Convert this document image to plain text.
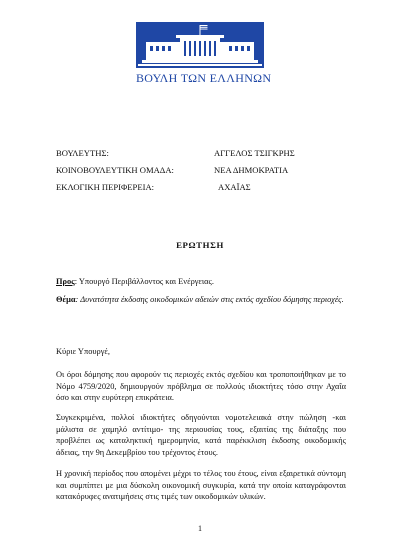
ΒΟΥΛΗ ΤΩΝ ΕΛΛΗΝΩΝ
ΒΟΥΛΕΥΤΗΣ:	ΑΓΓΕΛΟΣ ΤΣΙΓΚΡΗΣ
ΚΟΙΝΟΒΟΥΛΕΥΤΙΚΗ ΟΜΑΔΑ:	ΝΕΑ ΔΗΜΟΚΡΑΤΙΑ
ΕΚΛΟΓΙΚΗ ΠΕΡΙΦΕΡΕΙΑ:	ΑΧΑΪΑΣ
ΕΡΩΤΗΣΗ
Προς: Υπουργό Περιβάλλοντος και Ενέργειας.
Θέμα: Δυνατότητα έκδοσης οικοδομικών αδειών στις εκτός σχεδίου δόμησης περιοχές.
Κύριε Υπουργέ,
Οι όροι δόμησης που αφορούν τις περιοχές εκτός σχεδίου και τροποποιήθηκαν με το Νόμο 4759/2020, δημιουργούν πρόβλημα σε πολλούς ιδιοκτήτες τόσο στην Αχαΐα όσο και στην ευρύτερη επικράτεια.
Συγκεκριμένα, πολλοί ιδιοκτήτες οδηγούνται νομοτελειακά στην πώληση -και μάλιστα σε χαμηλό αντίτιμο- της περιουσίας τους, εξαιτίας της διάταξης που προβλέπει ως καταληκτική ημερομηνία, κατά παρέκκλιση έκδοσης οικοδομικής άδειας, την 9η Δεκεμβρίου του τρέχοντος έτους.
Η χρονική περίοδος που απομένει μέχρι το τέλος του έτους, είναι εξαιρετικά σύντομη και συμπίπτει με μια δύσκολη οικονομική συγκυρία, κατά την οποία καταγράφονται κατακόρυφες ανατιμήσεις στις τιμές των οικοδομικών υλικών.
1
